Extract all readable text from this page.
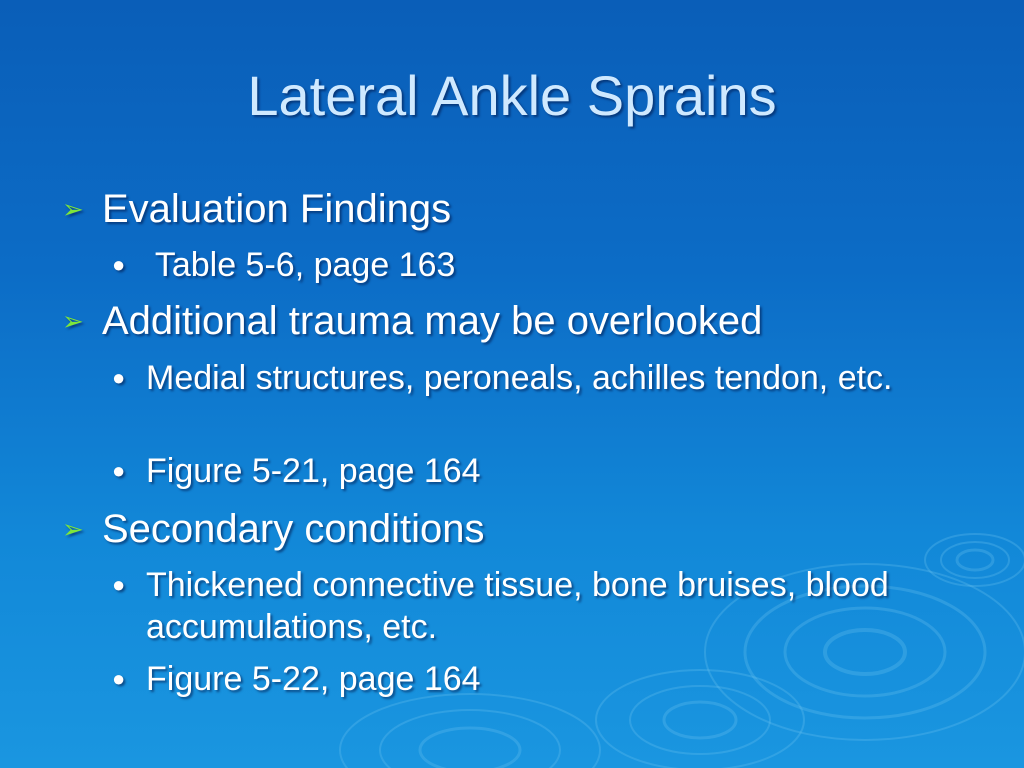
Lateral Ankle Sprains
➢ Evaluation Findings
● Table 5-6, page 163
➢ Additional trauma may be overlooked
● Medial structures, peroneals, achilles tendon, etc.
● Figure 5-21, page 164
➢ Secondary conditions
● Thickened connective tissue, bone bruises, blood accumulations, etc.
● Figure 5-22, page 164
